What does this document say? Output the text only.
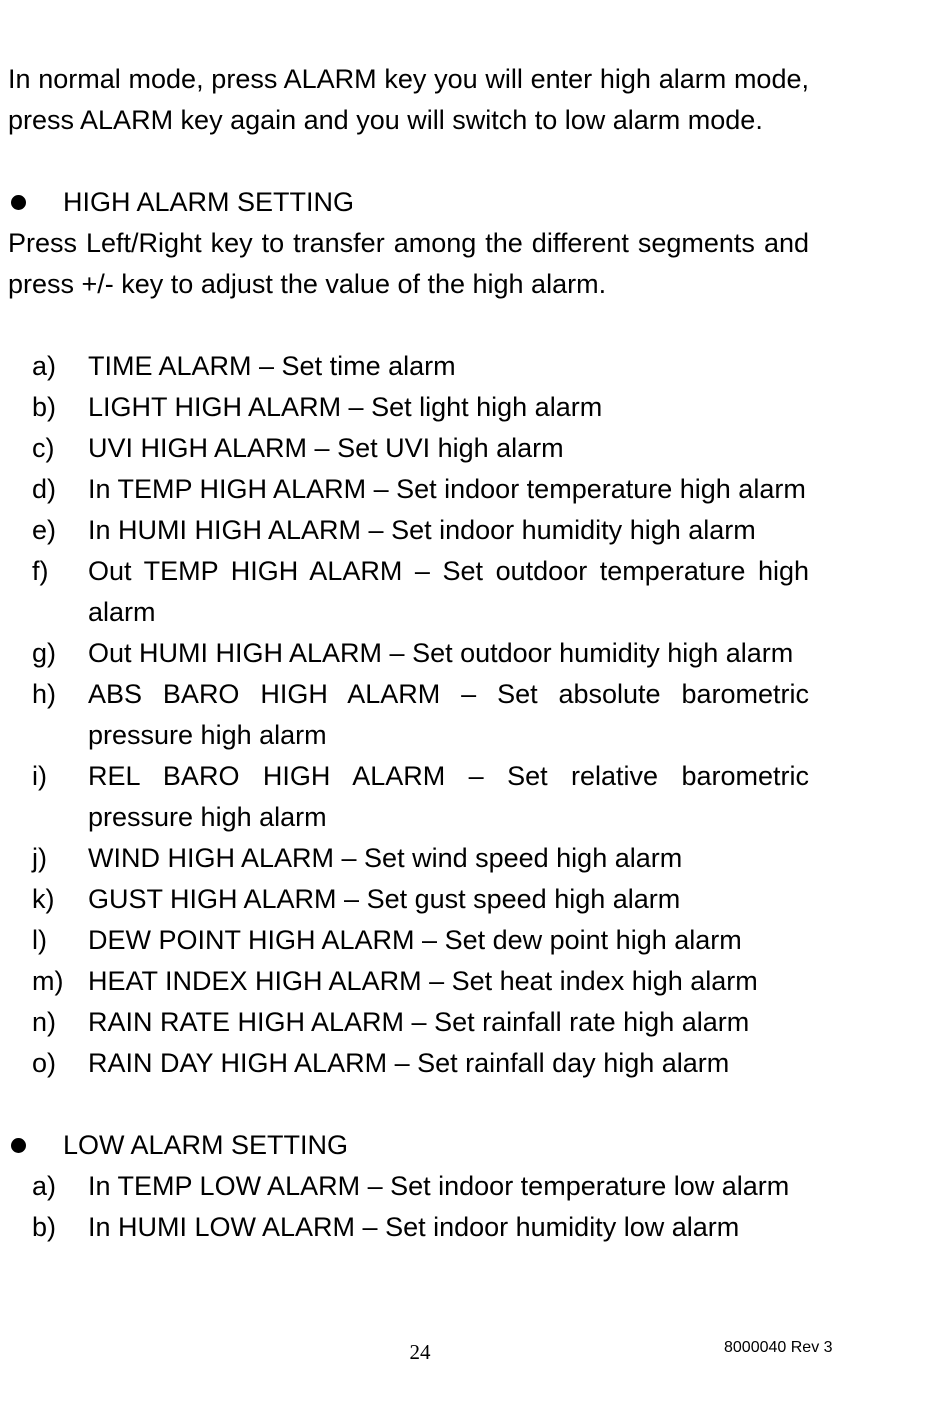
In normal mode, press ALARM key you will enter high alarm mode, press ALARM key again and you will switch to low alarm mode.

HIGH ALARM SETTING

Press Left/Right key to transfer among the different segments and press +/- key to adjust the value of the high alarm.

a)	TIME ALARM – Set time alarm
b)	LIGHT HIGH ALARM – Set light high alarm
c)	UVI HIGH ALARM – Set UVI high alarm
d)	In TEMP HIGH ALARM – Set indoor temperature high alarm
e)	In HUMI HIGH ALARM – Set indoor humidity high alarm
f)	Out TEMP HIGH ALARM – Set outdoor temperature high alarm
g)	Out HUMI HIGH ALARM – Set outdoor humidity high alarm
h)	ABS BARO HIGH ALARM – Set absolute barometric pressure high alarm
i)	REL BARO HIGH ALARM – Set relative barometric pressure high alarm
j)	WIND HIGH ALARM – Set wind speed high alarm
k)	GUST HIGH ALARM – Set gust speed high alarm
l)	DEW POINT HIGH ALARM – Set dew point high alarm
m) HEAT INDEX HIGH ALARM – Set heat index high alarm
n)	RAIN RATE HIGH ALARM – Set rainfall rate high alarm
o)	RAIN DAY HIGH ALARM – Set rainfall day high alarm
LOW ALARM SETTING
a)	In TEMP LOW ALARM – Set indoor temperature low alarm
b)	In HUMI LOW ALARM – Set indoor humidity low alarm
24	8000040 Rev 3
